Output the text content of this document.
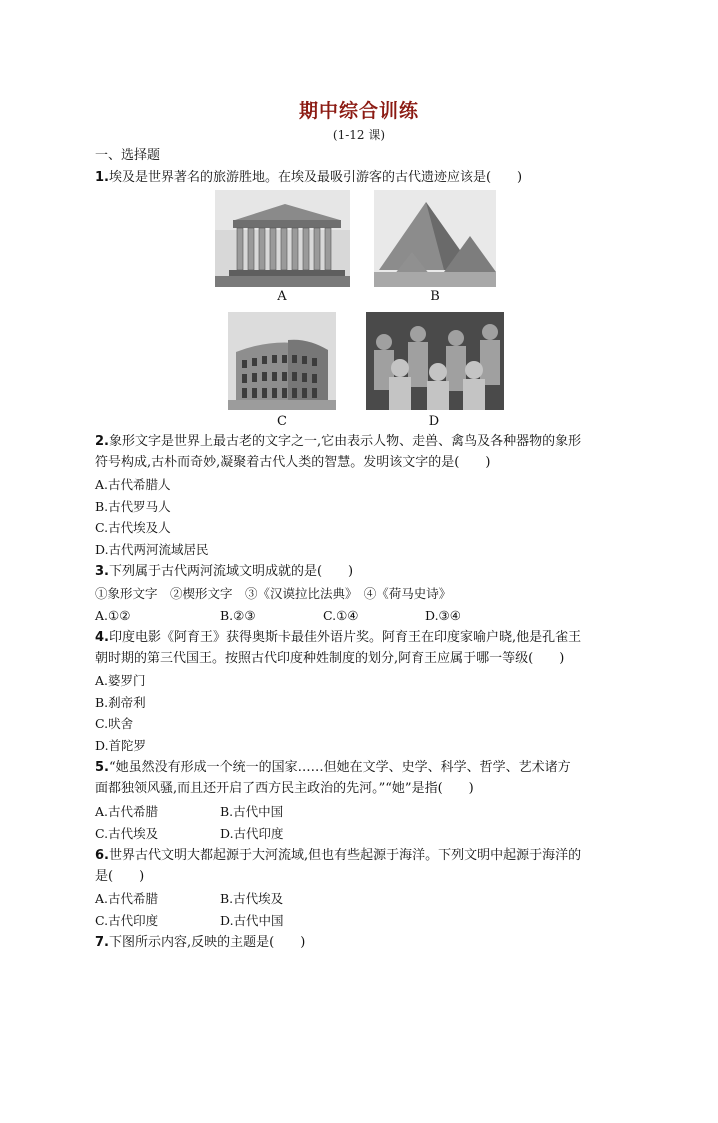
期中综合训练
(1-12 课)
一、选择题
1.埃及是世界著名的旅游胜地。在埃及最吸引游客的古代遗迹应该是(　　)
A	B
C	D
2.象形文字是世界上最古老的文字之一,它由表示人物、走兽、禽鸟及各种器物的象形
符号构成,古朴而奇妙,凝聚着古代人类的智慧。发明该文字的是(　　)
A.古代希腊人
B.古代罗马人
C.古代埃及人
D.古代两河流域居民
3.下列属于古代两河流域文明成就的是(　　)
①象形文字　②楔形文字　③《汉谟拉比法典》　④《荷马史诗》
A.①②	B.②③	C.①④	D.③④
4.印度电影《阿育王》获得奥斯卡最佳外语片奖。阿育王在印度家喻户晓,他是孔雀王
朝时期的第三代国王。按照古代印度种姓制度的划分,阿育王应属于哪一等级(　　)
A.婆罗门
B.刹帝利
C.吠舍
D.首陀罗
5.“她虽然没有形成一个统一的国家……但她在文学、史学、科学、哲学、艺术诸方
面都独领风骚,而且还开启了西方民主政治的先河。”“她”是指(　　)
A.古代希腊	B.古代中国
C.古代埃及	D.古代印度
6.世界古代文明大都起源于大河流域,但也有些起源于海洋。下列文明中起源于海洋的
是(　　)
A.古代希腊	B.古代埃及
C.古代印度	D.古代中国
7.下图所示内容,反映的主题是(　　)
